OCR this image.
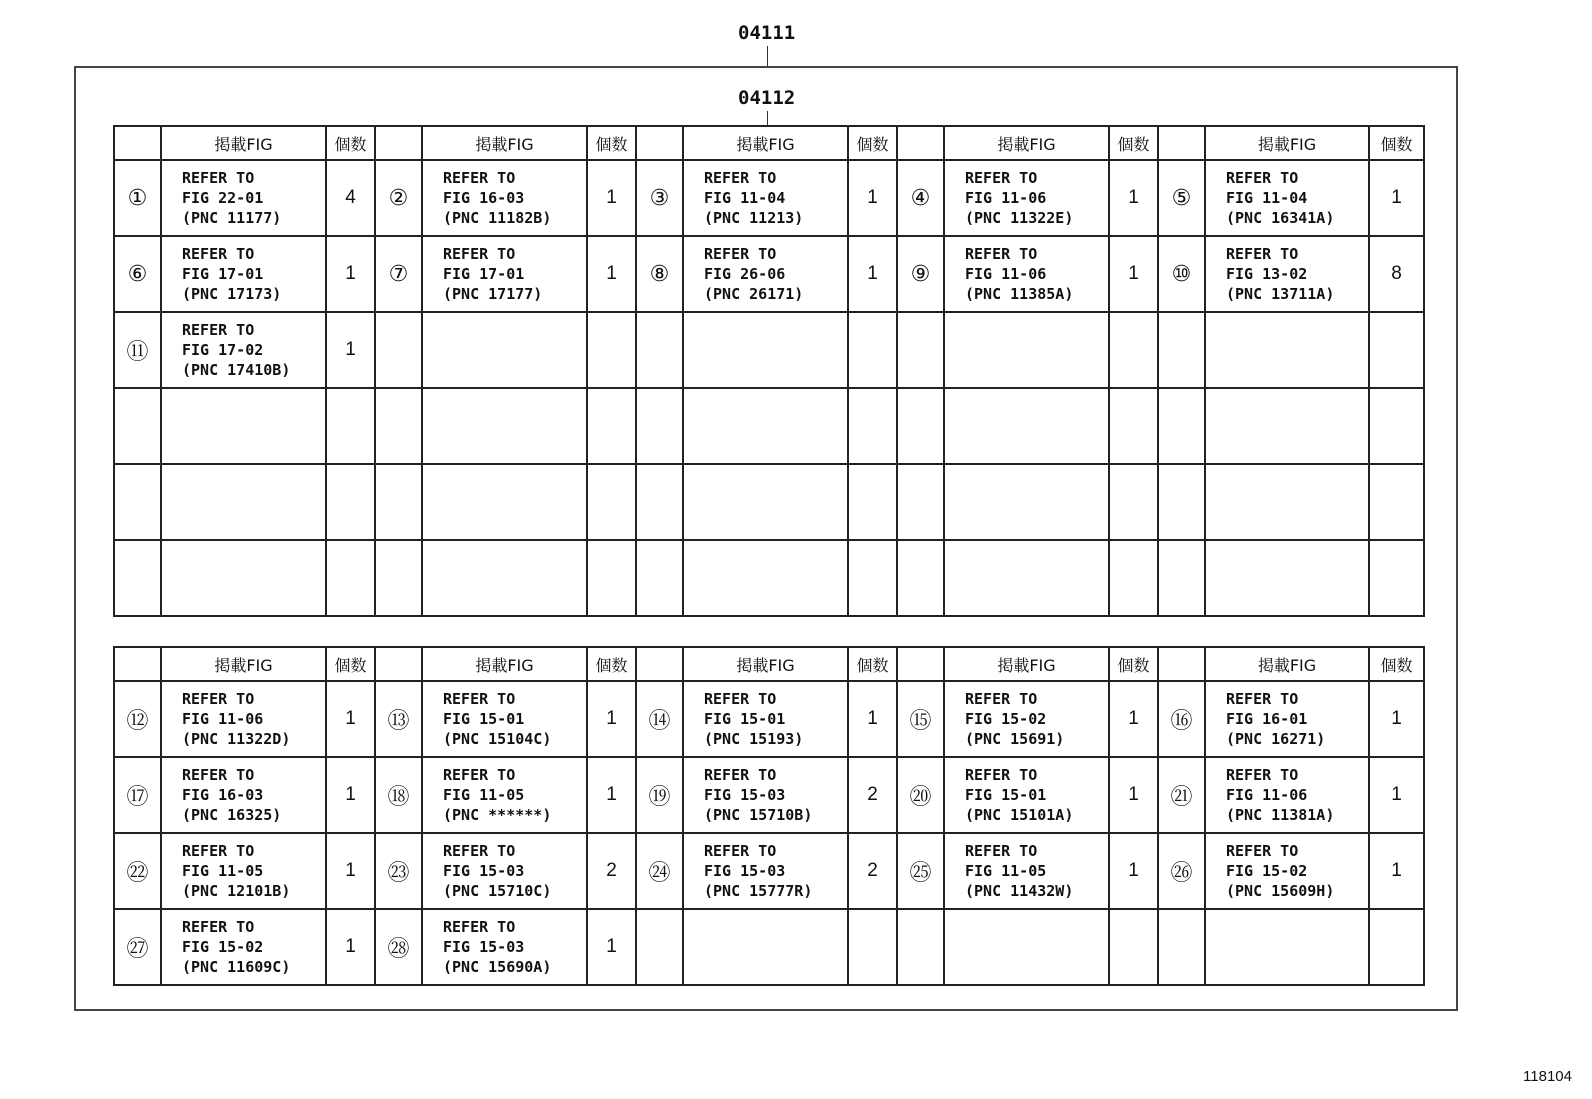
04111
04112
	掲載FIG	個数		掲載FIG	個数		掲載FIG	個数		掲載FIG	個数		掲載FIG	個数
①	REFER TO
FIG 22-01
(PNC 11177)	4	②	REFER TO
FIG 16-03
(PNC 11182B)	1	③	REFER TO
FIG 11-04
(PNC 11213)	1	④	REFER TO
FIG 11-06
(PNC 11322E)	1	⑤	REFER TO
FIG 11-04
(PNC 16341A)	1
⑥	REFER TO
FIG 17-01
(PNC 17173)	1	⑦	REFER TO
FIG 17-01
(PNC 17177)	1	⑧	REFER TO
FIG 26-06
(PNC 26171)	1	⑨	REFER TO
FIG 11-06
(PNC 11385A)	1	⑩	REFER TO
FIG 13-02
(PNC 13711A)	8
⑪	REFER TO
FIG 17-02
(PNC 17410B)	1												

	掲載FIG	個数		掲載FIG	個数		掲載FIG	個数		掲載FIG	個数		掲載FIG	個数
⑫	REFER TO
FIG 11-06
(PNC 11322D)	1	⑬	REFER TO
FIG 15-01
(PNC 15104C)	1	⑭	REFER TO
FIG 15-01
(PNC 15193)	1	⑮	REFER TO
FIG 15-02
(PNC 15691)	1	⑯	REFER TO
FIG 16-01
(PNC 16271)	1
⑰	REFER TO
FIG 16-03
(PNC 16325)	1	⑱	REFER TO
FIG 11-05
(PNC ******)	1	⑲	REFER TO
FIG 15-03
(PNC 15710B)	2	⑳	REFER TO
FIG 15-01
(PNC 15101A)	1	㉑	REFER TO
FIG 11-06
(PNC 11381A)	1
㉒	REFER TO
FIG 11-05
(PNC 12101B)	1	㉓	REFER TO
FIG 15-03
(PNC 15710C)	2	㉔	REFER TO
FIG 15-03
(PNC 15777R)	2	㉕	REFER TO
FIG 11-05
(PNC 11432W)	1	㉖	REFER TO
FIG 15-02
(PNC 15609H)	1
㉗	REFER TO
FIG 15-02
(PNC 11609C)	1	㉘	REFER TO
FIG 15-03
(PNC 15690A)	1									
118104
